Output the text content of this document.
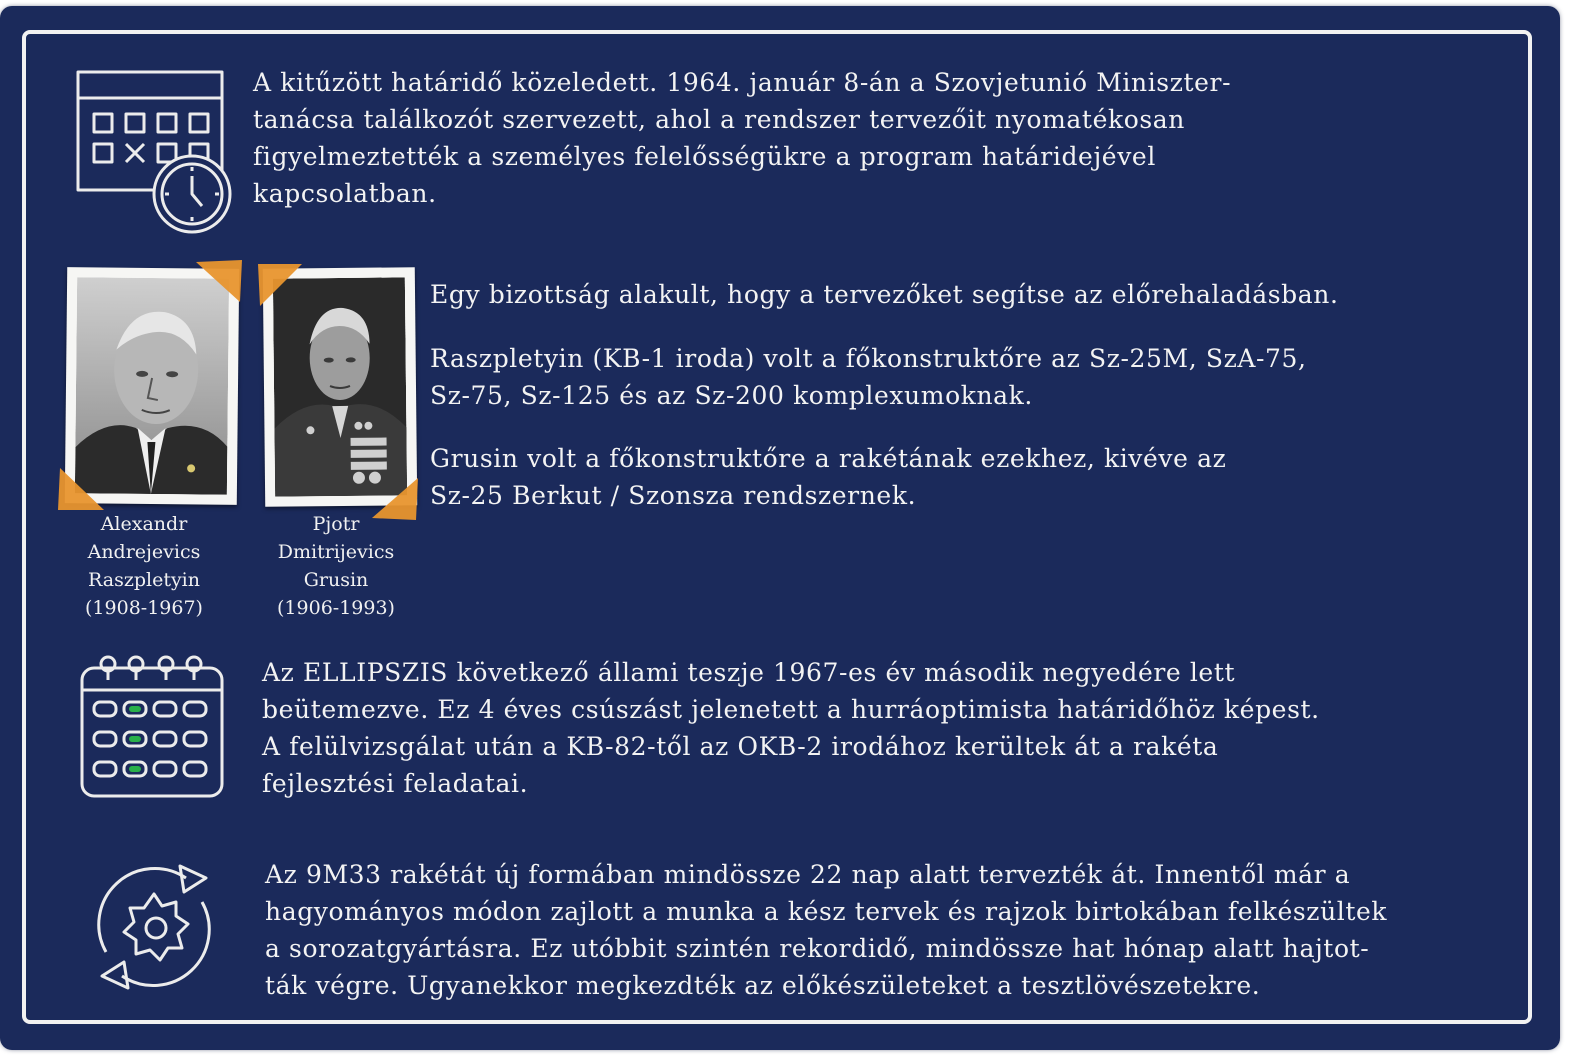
A kitűzött határidő közeledett. 1964. január 8-án a Szovjetunió Miniszter-
tanácsa találkozót szervezett, ahol a rendszer tervezőit nyomatékosan
figyelmeztették a személyes felelősségükre a program határidejével
kapcsolatban.

Alexandr
Andrejevics
Raszpletyin
(1908-1967)

Pjotr
Dmitrijevics
Grusin
(1906-1993)

Egy bizottság alakult, hogy a tervezőket segítse az előrehaladásban.

Raszpletyin (KB-1 iroda) volt a főkonstruktőre az Sz-25M, SzA-75,
Sz-75, Sz-125 és az Sz-200 komplexumoknak.

Grusin volt a főkonstruktőre a rakétának ezekhez, kivéve az
Sz-25 Berkut / Szonsza rendszernek.

Az ELLIPSZIS következő állami teszje 1967-es év második negyedére lett
beütemezve. Ez 4 éves csúszást jelenetett a hurráoptimista határidőhöz képest.
A felülvizsgálat után a KB-82-től az OKB-2 irodához kerültek át a rakéta
fejlesztési feladatai.

Az 9M33 rakétát új formában mindössze 22 nap alatt tervezték át. Innentől már a
hagyományos módon zajlott a munka a kész tervek és rajzok birtokában felkészültek
a sorozatgyártásra. Ez utóbbit szintén rekordidő, mindössze hat hónap alatt hajtot-
ták végre. Ugyanekkor megkezdték az előkészületeket a tesztlövészetekre.
